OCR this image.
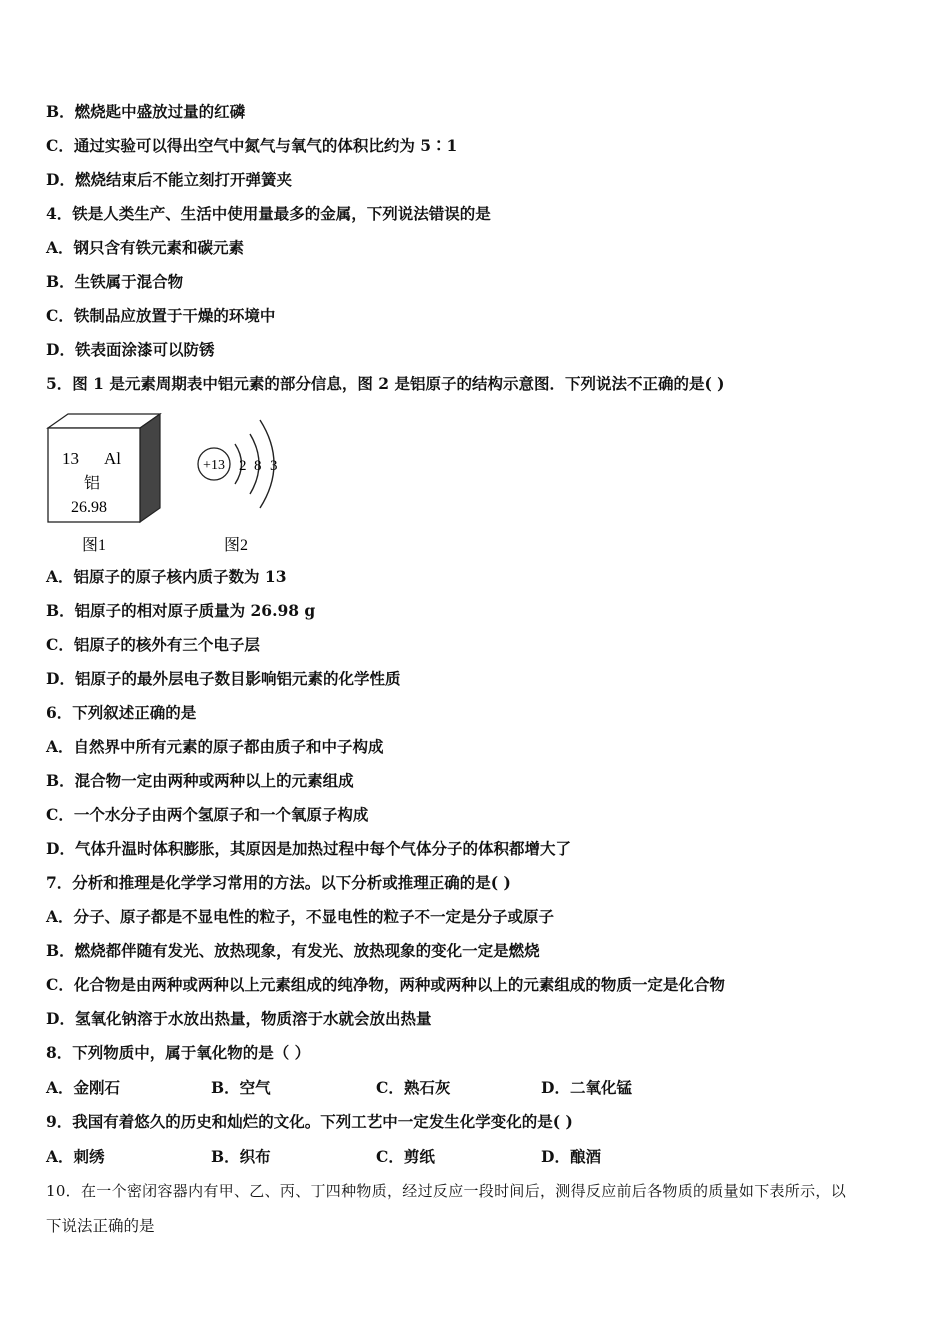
B．燃烧匙中盛放过量的红磷
C．通过实验可以得出空气中氮气与氧气的体积比约为 5∶1
D．燃烧结束后不能立刻打开弹簧夹
4．铁是人类生产、生活中使用量最多的金属，下列说法错误的是
A．钢只含有铁元素和碳元素
B．生铁属于混合物
C．铁制品应放置于干燥的环境中
D．铁表面涂漆可以防锈
5．图 1 是元素周期表中铝元素的部分信息，图 2 是铝原子的结构示意图．下列说法不正确的是( )
13 Al
铝
26.98
图1
+13 2 8 3
图2
A．铝原子的原子核内质子数为 13
B．铝原子的相对原子质量为 26.98 g
C．铝原子的核外有三个电子层
D．铝原子的最外层电子数目影响铝元素的化学性质
6．下列叙述正确的是
A．自然界中所有元素的原子都由质子和中子构成
B．混合物一定由两种或两种以上的元素组成
C．一个水分子由两个氢原子和一个氧原子构成
D．气体升温时体积膨胀，其原因是加热过程中每个气体分子的体积都增大了
7．分析和推理是化学学习常用的方法。以下分析或推理正确的是( )
A．分子、原子都是不显电性的粒子，不显电性的粒子不一定是分子或原子
B．燃烧都伴随有发光、放热现象，有发光、放热现象的变化一定是燃烧
C．化合物是由两种或两种以上元素组成的纯净物，两种或两种以上的元素组成的物质一定是化合物
D．氢氧化钠溶于水放出热量，物质溶于水就会放出热量
8．下列物质中，属于氧化物的是（ ）
A．金刚石	B．空气	C．熟石灰	D．二氧化锰
9．我国有着悠久的历史和灿烂的文化。下列工艺中一定发生化学变化的是( )
A．刺绣	B．织布	C．剪纸	D．酿酒
10．在一个密闭容器内有甲、乙、丙、丁四种物质，经过反应一段时间后，测得反应前后各物质的质量如下表所示，以
下说法正确的是
